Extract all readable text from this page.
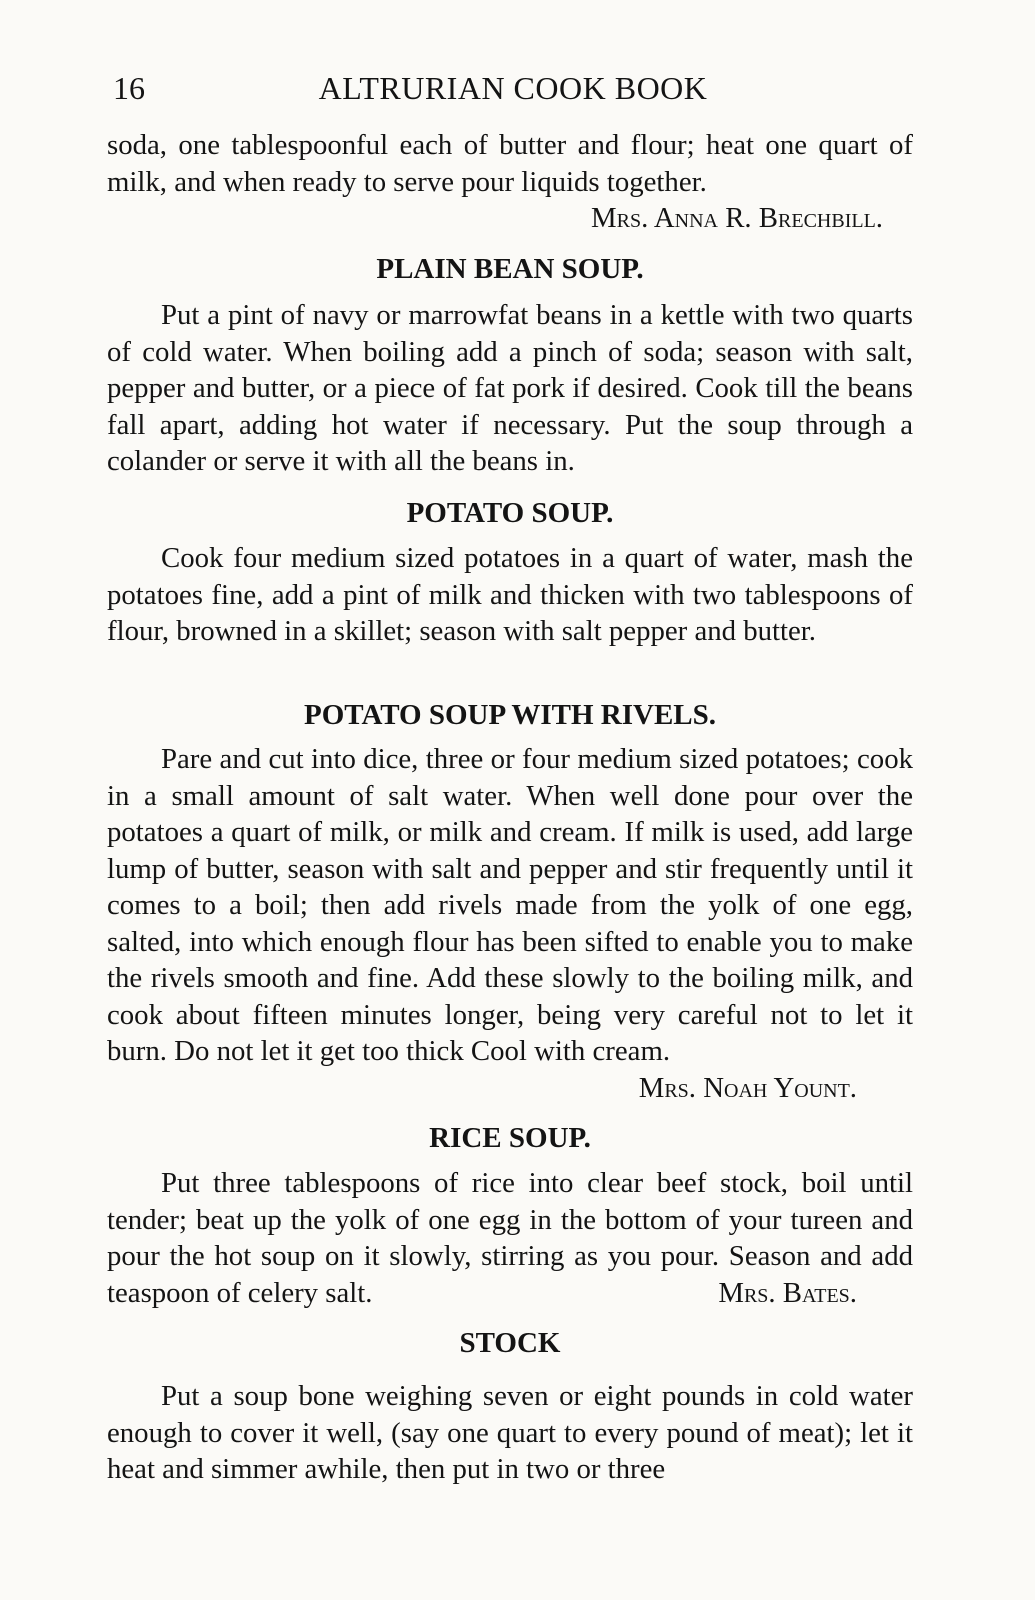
16	ALTRURIAN COOK BOOK

soda, one tablespoonful each of butter and flour; heat one quart of milk, and when ready to serve pour liquids together.

Mrs. Anna R. Brechbill.
PLAIN BEAN SOUP.

Put a pint of navy or marrowfat beans in a kettle with two quarts of cold water. When boiling add a pinch of soda; season with salt, pepper and butter, or a piece of fat pork if desired. Cook till the beans fall apart, adding hot water if necessary. Put the soup through a colander or serve it with all the beans in.

POTATO SOUP.

Cook four medium sized potatoes in a quart of water, mash the potatoes fine, add a pint of milk and thicken with two tablespoons of flour, browned in a skillet; season with salt pepper and butter.

POTATO SOUP WITH RIVELS.

Pare and cut into dice, three or four medium sized potatoes; cook in a small amount of salt water. When well done pour over the potatoes a quart of milk, or milk and cream. If milk is used, add large lump of butter, season with salt and pepper and stir frequently until it comes to a boil; then add rivels made from the yolk of one egg, salted, into which enough flour has been sifted to enable you to make the rivels smooth and fine. Add these slowly to the boiling milk, and cook about fifteen minutes longer, being very careful not to let it burn. Do not let it get too thick Cool with cream.
Mrs. Noah Yount.

RICE SOUP.

Put three tablespoons of rice into clear beef stock, boil until tender; beat up the yolk of one egg in the bottom of your tureen and pour the hot soup on it slowly, stirring as you pour. Season and add teaspoon of celery salt.	Mrs. Bates.

STOCK

Put a soup bone weighing seven or eight pounds in cold water enough to cover it well, (say one quart to every pound of meat); let it heat and simmer awhile, then put in two or three
